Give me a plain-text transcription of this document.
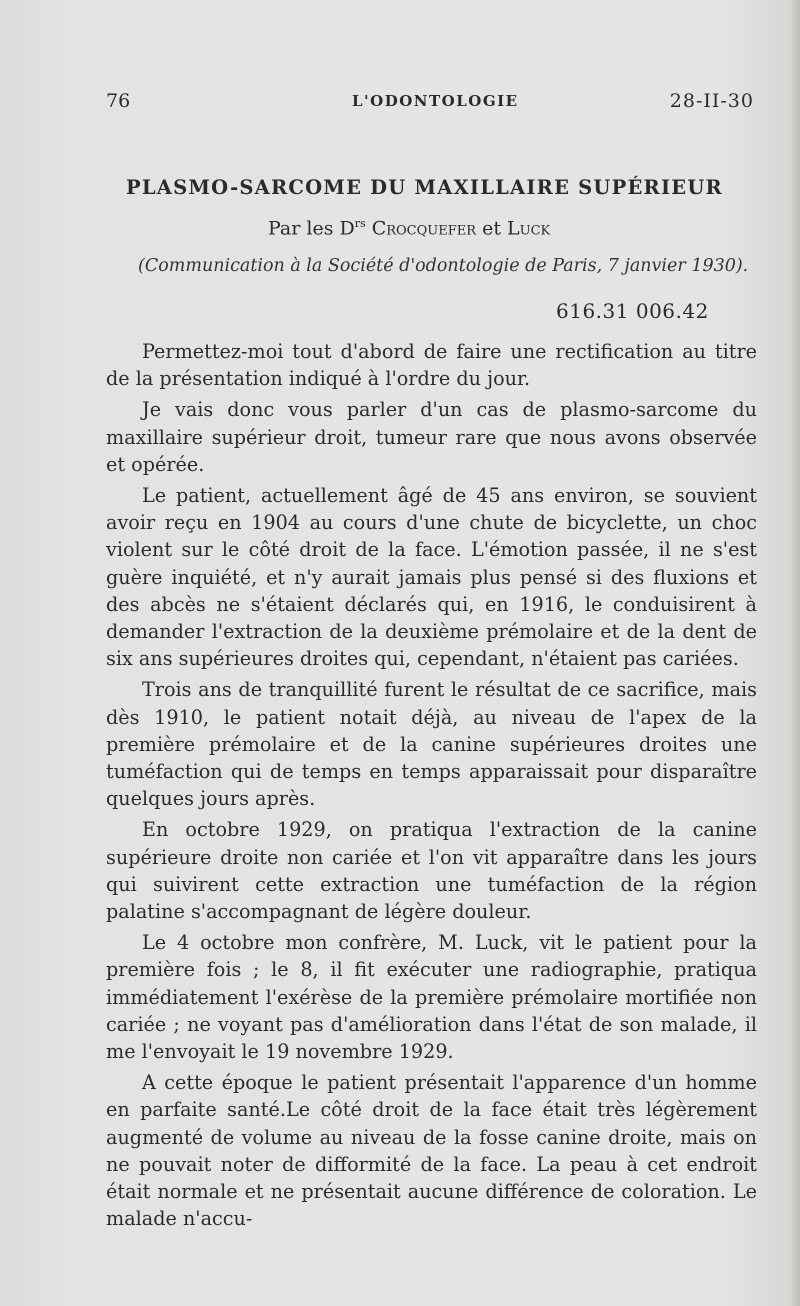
76	L'ODONTOLOGIE	28-II-30
PLASMO-SARCOME DU MAXILLAIRE SUPÉRIEUR
Par les $D^{rs}$ Crocquefer et Luck
(Communication à la Société d'odontologie de Paris, 7 janvier 1930).
616.31 006.42

Permettez-moi tout d'abord de faire une rectification au titre de la présentation indiqué à l'ordre du jour.

Je vais donc vous parler d'un cas de plasmo-sarcome du maxillaire supérieur droit, tumeur rare que nous avons observée et opérée.

Le patient, actuellement âgé de 45 ans environ, se souvient avoir reçu en 1904 au cours d'une chute de bicyclette, un choc violent sur le côté droit de la face. L'émotion passée, il ne s'est guère inquiété, et n'y aurait jamais plus pensé si des fluxions et des abcès ne s'étaient déclarés qui, en 1916, le conduisirent à demander l'extraction de la deuxième prémolaire et de la dent de six ans supérieures droites qui, cependant, n'étaient pas cariées.

Trois ans de tranquillité furent le résultat de ce sacrifice, mais dès 1910, le patient notait déjà, au niveau de l'apex de la première prémolaire et de la canine supérieures droites une tuméfaction qui de temps en temps apparaissait pour disparaître quelques jours après.

En octobre 1929, on pratiqua l'extraction de la canine supérieure droite non cariée et l'on vit apparaître dans les jours qui suivirent cette extraction une tuméfaction de la région palatine s'accompagnant de légère douleur.

Le 4 octobre mon confrère, M. Luck, vit le patient pour la première fois ; le 8, il fit exécuter une radiographie, pratiqua immédiatement l'exérèse de la première prémolaire mortifiée non cariée ; ne voyant pas d'amélioration dans l'état de son malade, il me l'envoyait le 19 novembre 1929.

A cette époque le patient présentait l'apparence d'un homme en parfaite santé.Le côté droit de la face était très légèrement augmenté de volume au niveau de la fosse canine droite, mais on ne pouvait noter de difformité de la face. La peau à cet endroit était normale et ne présentait aucune différence de coloration. Le malade n'accu-
